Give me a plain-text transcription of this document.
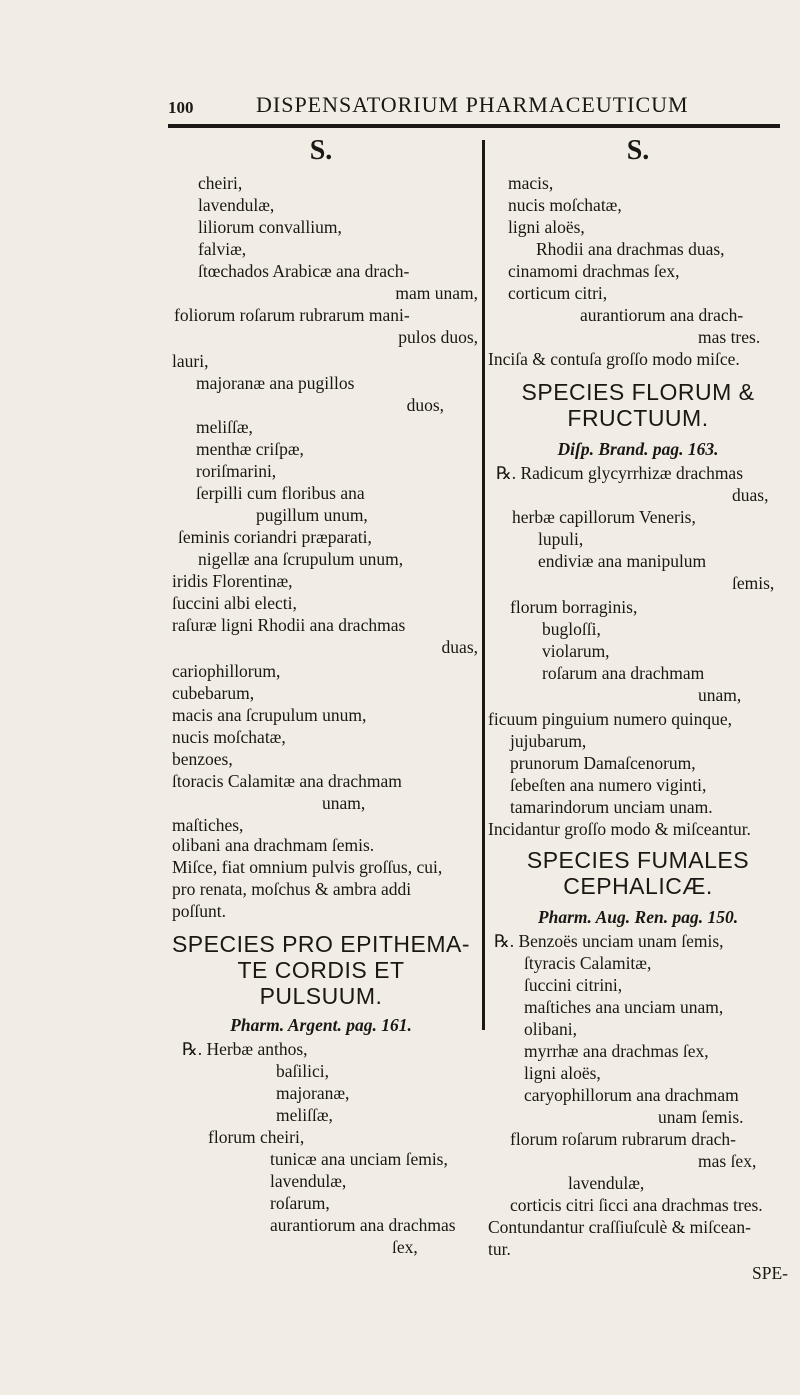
100	DISPENSATORIUM PHARMACEUTICUM
S.
cheiri,
lavendulæ,
liliorum convallium,
falviæ,
ſtœchados Arabicæ ana drach-
mam unam,
foliorum roſarum rubrarum mani-
pulos duos,
lauri,
majoranæ ana pugillos
duos,
meliſſæ,
menthæ criſpæ,
roriſmarini,
ſerpilli cum floribus ana
pugillum unum,
ſeminis coriandri præparati,
nigellæ ana ſcrupulum unum,
iridis Florentinæ,
ſuccini albi electi,
raſuræ ligni Rhodii ana drachmas
duas,
cariophillorum,
cubebarum,
macis ana ſcrupulum unum,
nucis moſchatæ,
benzoes,
ſtoracis Calamitæ ana drachmam
unam,
maſtiches,
olibani ana drachmam ſemis.
Miſce, fiat omnium pulvis groſſus, cui,
pro renata, moſchus & ambra addi
poſſunt.
SPECIES PRO EPITHEMA-
TE CORDIS ET
PULSUUM.
Pharm. Argent. pag. 161.
℞. Herbæ anthos,
baſilici,
majoranæ,
meliſſæ,
florum cheiri,
tunicæ ana unciam ſemis,
lavendulæ,
roſarum,
aurantiorum ana drachmas
ſex,
S.
macis,
nucis moſchatæ,
ligni aloës,
Rhodii ana drachmas duas,
cinamomi drachmas ſex,
corticum citri,
aurantiorum ana drach-
mas tres.
Inciſa & contuſa groſſo modo miſce.
SPECIES FLORUM &
FRUCTUUM.
Diſp. Brand. pag. 163.
℞. Radicum glycyrrhizæ drachmas
duas,
herbæ capillorum Veneris,
lupuli,
endiviæ ana manipulum
ſemis,
florum borraginis,
bugloſſi,
violarum,
roſarum ana drachmam
unam,
ficuum pinguium numero quinque,
jujubarum,
prunorum Damaſcenorum,
ſebeſten ana numero viginti,
tamarindorum unciam unam.
Incidantur groſſo modo & miſceantur.
SPECIES FUMALES
CEPHALICÆ.
Pharm. Aug. Ren. pag. 150.
℞. Benzoës unciam unam ſemis,
ſtyracis Calamitæ,
ſuccini citrini,
maſtiches ana unciam unam,
olibani,
myrrhæ ana drachmas ſex,
ligni aloës,
caryophillorum ana drachmam
unam ſemis.
florum roſarum rubrarum drach-
mas ſex,
lavendulæ,
corticis citri ſicci ana drachmas tres.
Contundantur craſſiuſculè & miſcean-
tur.
SPE-
